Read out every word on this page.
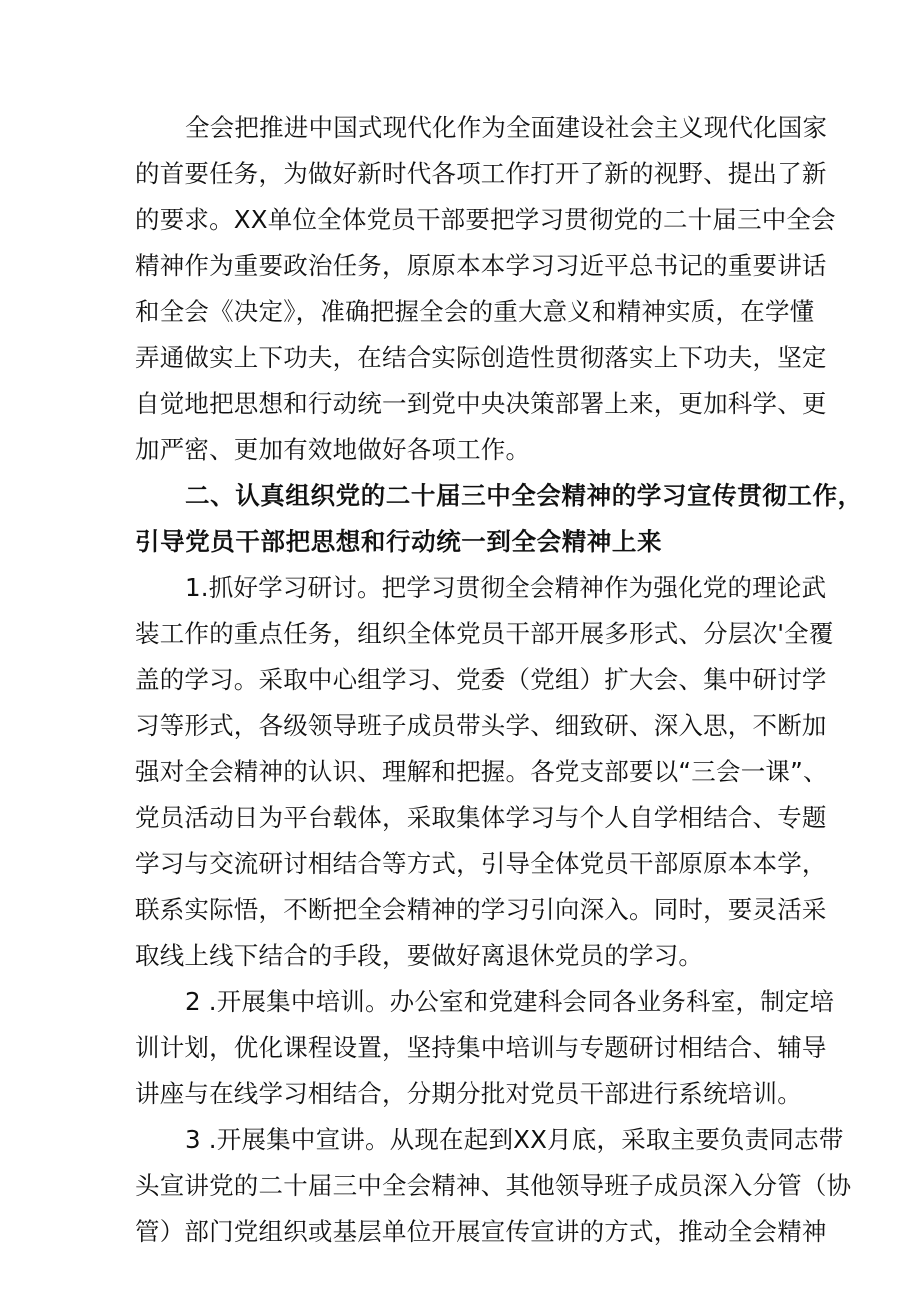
全会把推进中国式现代化作为全面建设社会主义现代化国家
的首要任务，为做好新时代各项工作打开了新的视野、提出了新
的要求。XX单位全体党员干部要把学习贯彻党的二十届三中全会
精神作为重要政治任务，原原本本学习习近平总书记的重要讲话
和全会《决定》，准确把握全会的重大意义和精神实质，在学懂
弄通做实上下功夫，在结合实际创造性贯彻落实上下功夫，坚定
自觉地把思想和行动统一到党中央决策部署上来，更加科学、更
加严密、更加有效地做好各项工作。
二、认真组织党的二十届三中全会精神的学习宣传贯彻工作，
引导党员干部把思想和行动统一到全会精神上来
1.抓好学习研讨。把学习贯彻全会精神作为强化党的理论武
装工作的重点任务，组织全体党员干部开展多形式、分层次'全覆
盖的学习。采取中心组学习、党委（党组）扩大会、集中研讨学
习等形式，各级领导班子成员带头学、细致研、深入思，不断加
强对全会精神的认识、理解和把握。各党支部要以“三会一课”、
党员活动日为平台载体，采取集体学习与个人自学相结合、专题
学习与交流研讨相结合等方式，引导全体党员干部原原本本学，
联系实际悟，不断把全会精神的学习引向深入。同时，要灵活采
取线上线下结合的手段，要做好离退休党员的学习。
2 .开展集中培训。办公室和党建科会同各业务科室，制定培
训计划，优化课程设置，坚持集中培训与专题研讨相结合、辅导
讲座与在线学习相结合，分期分批对党员干部进行系统培训。
3 .开展集中宣讲。从现在起到XX月底，采取主要负责同志带
头宣讲党的二十届三中全会精神、其他领导班子成员深入分管（协
管）部门党组织或基层单位开展宣传宣讲的方式，推动全会精神
